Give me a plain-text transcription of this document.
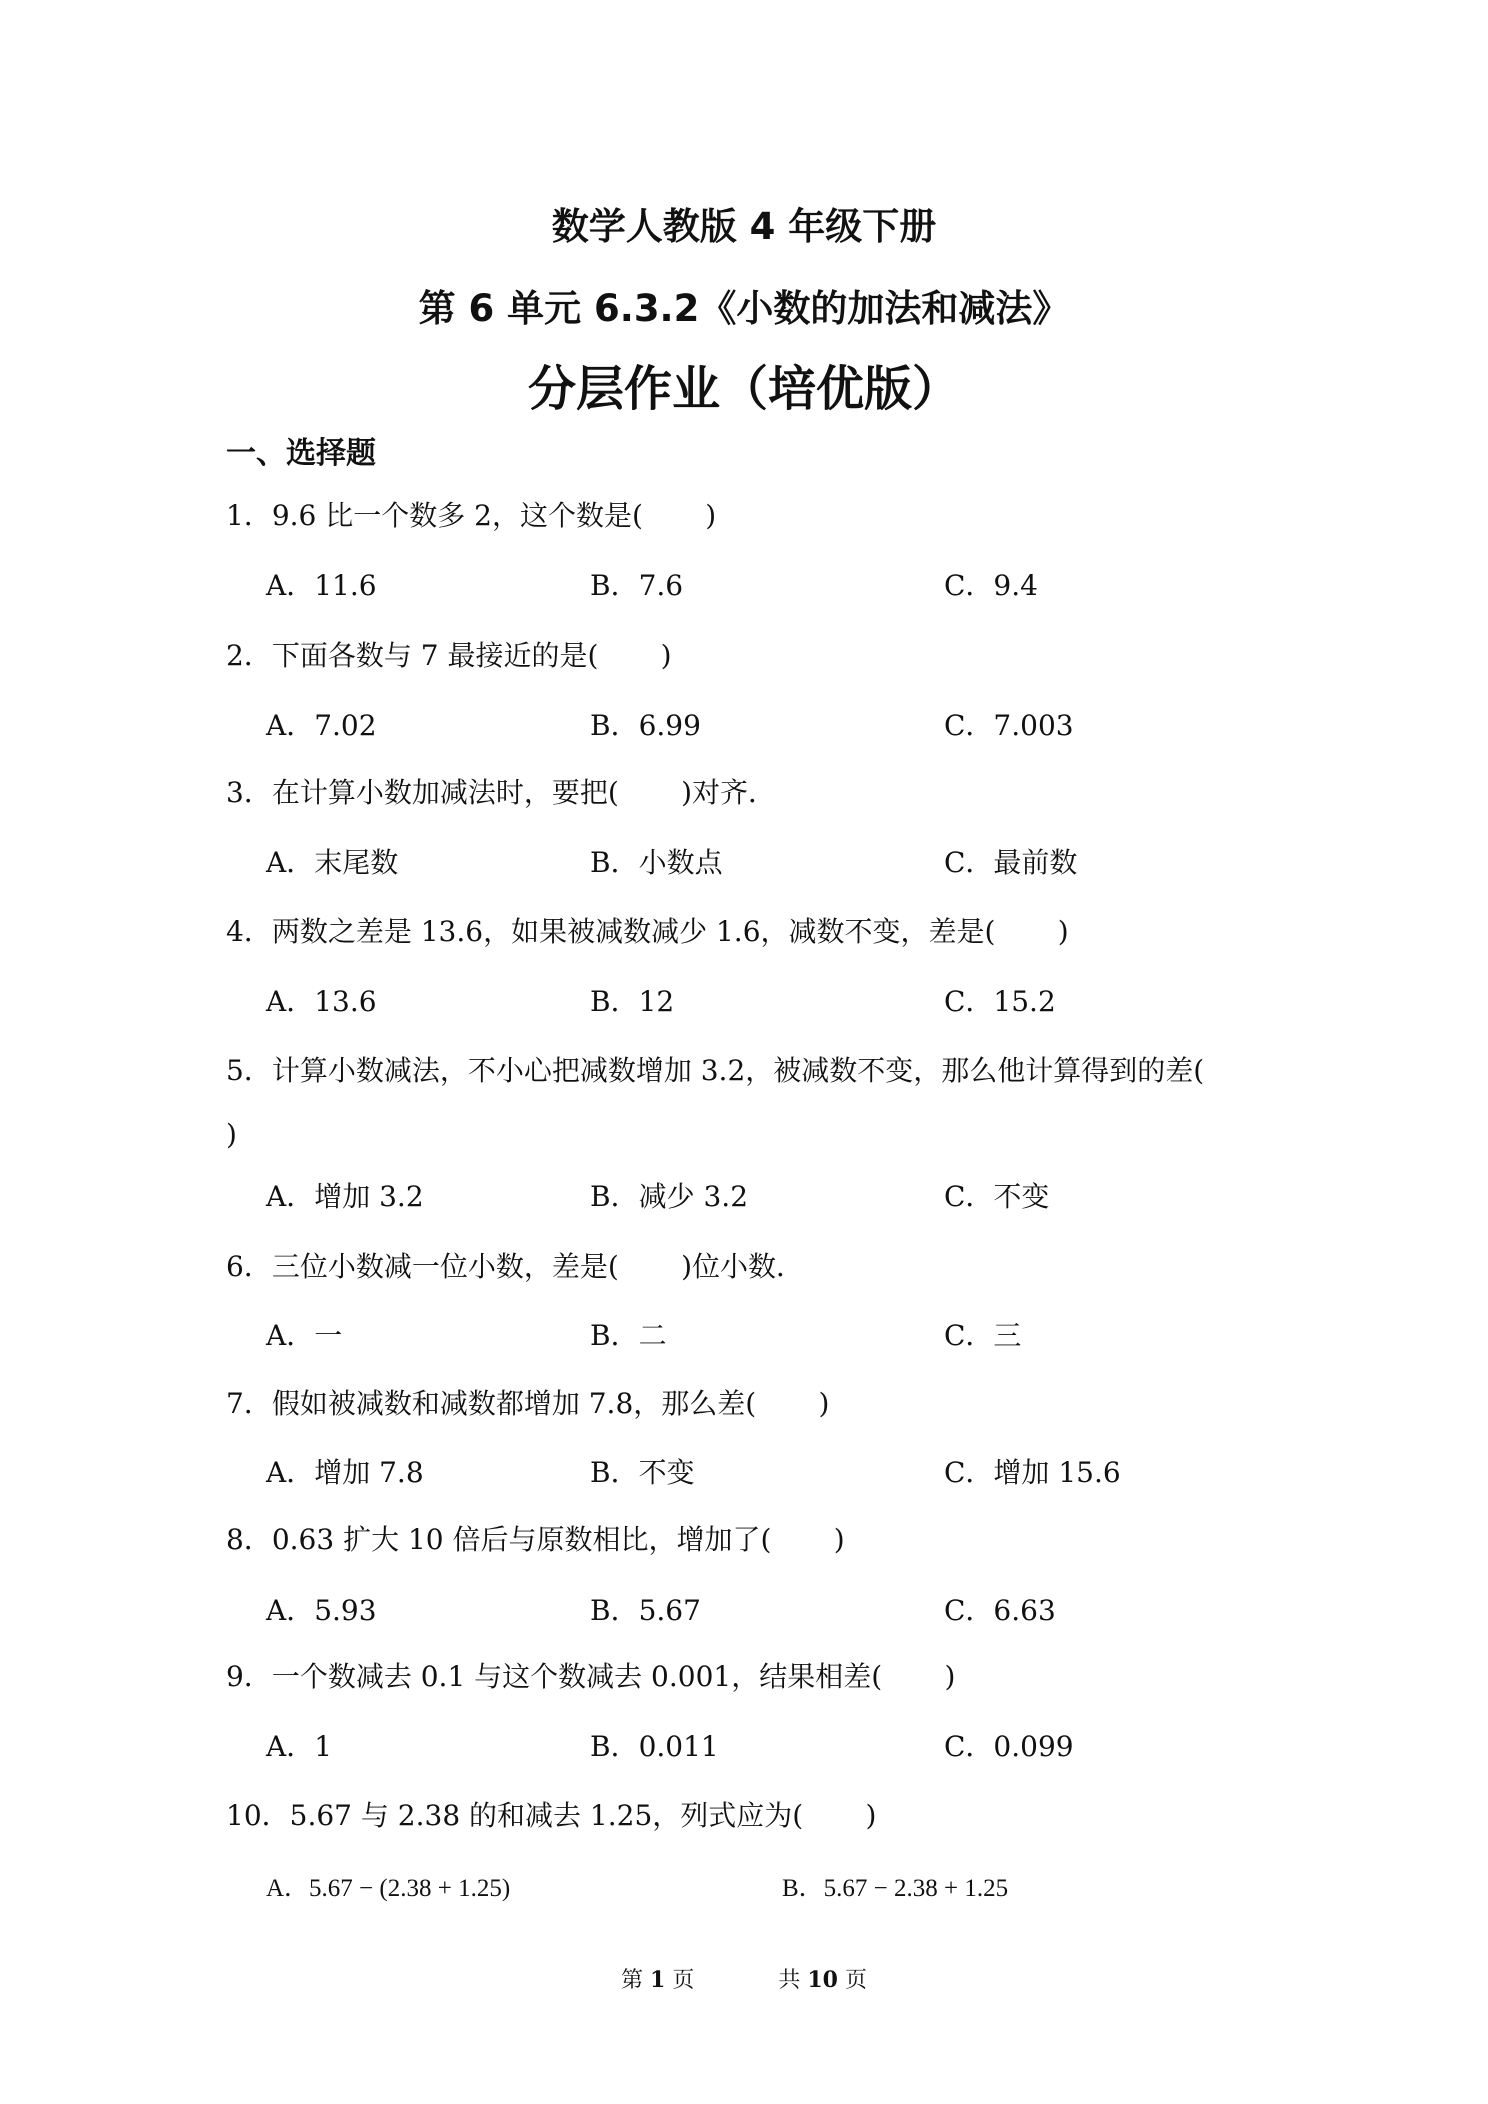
数学人教版 4 年级下册
第 6 单元 6.3.2《小数的加法和减法》
分层作业（培优版）
一、选择题
1．9.6 比一个数多 2，这个数是(       )
A．11.6	B．7.6	C．9.4
2．下面各数与 7 最接近的是(       )
A．7.02	B．6.99	C．7.003
3．在计算小数加减法时，要把(       )对齐．
A．末尾数	B．小数点	C．最前数
4．两数之差是 13.6，如果被减数减少 1.6，减数不变，差是(       )
A．13.6	B．12	C．15.2
5．计算小数减法，不小心把减数增加 3.2，被减数不变，那么他计算得到的差(
)
A．增加 3.2	B．减少 3.2	C．不变
6．三位小数减一位小数，差是(       )位小数．
A．一	B．二	C．三
7．假如被减数和减数都增加 7.8，那么差(       )
A．增加 7.8	B．不变	C．增加 15.6
8．0.63 扩大 10 倍后与原数相比，增加了(       )
A．5.93	B．5.67	C．6.63
9．一个数减去 0.1 与这个数减去 0.001，结果相差(       )
A．1	B．0.011	C．0.099
10．5.67 与 2.38 的和减去 1.25，列式应为(       )
A．5.67 − (2.38 + 1.25)	B．5.67 − 2.38 + 1.25
第 1 页	共 10 页
